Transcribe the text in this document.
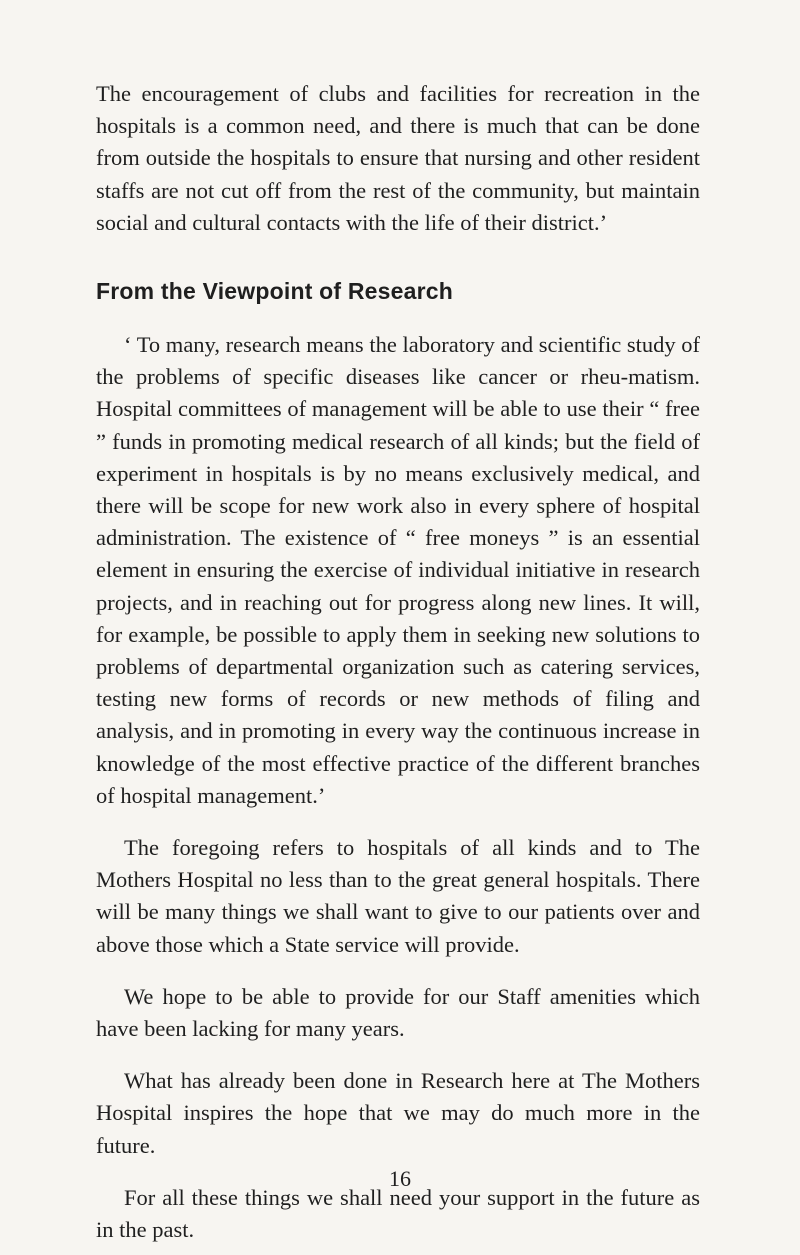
The encouragement of clubs and facilities for recreation in the hospitals is a common need, and there is much that can be done from outside the hospitals to ensure that nursing and other resident staffs are not cut off from the rest of the community, but maintain social and cultural contacts with the life of their district.’

From the Viewpoint of Research

‘ To many, research means the laboratory and scientific study of the problems of specific diseases like cancer or rheu-matism. Hospital committees of management will be able to use their “ free ” funds in promoting medical research of all kinds; but the field of experiment in hospitals is by no means exclusively medical, and there will be scope for new work also in every sphere of hospital administration. The existence of “ free moneys ” is an essential element in ensuring the exercise of individual initiative in research projects, and in reaching out for progress along new lines. It will, for example, be possible to apply them in seeking new solutions to problems of departmental organization such as catering services, testing new forms of records or new methods of filing and analysis, and in promoting in every way the continuous increase in knowledge of the most effective practice of the different branches of hospital management.’

The foregoing refers to hospitals of all kinds and to The Mothers Hospital no less than to the great general hospitals. There will be many things we shall want to give to our patients over and above those which a State service will provide.

We hope to be able to provide for our Staff amenities which have been lacking for many years.

What has already been done in Research here at The Mothers Hospital inspires the hope that we may do much more in the future.

For all these things we shall need your support in the future as in the past.

16
